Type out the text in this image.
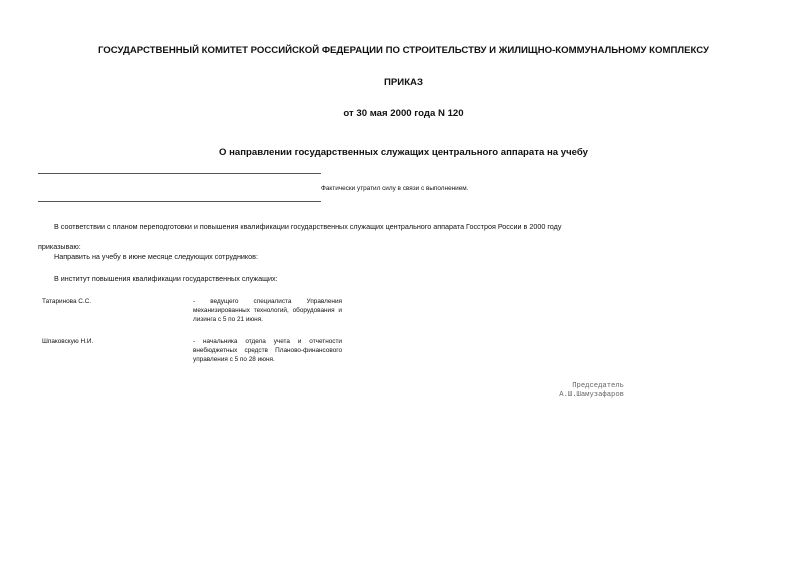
ГОСУДАРСТВЕННЫЙ КОМИТЕТ РОССИЙСКОЙ ФЕДЕРАЦИИ ПО СТРОИТЕЛЬСТВУ И ЖИЛИЩНО-КОММУНАЛЬНОМУ КОМПЛЕКСУ
ПРИКАЗ
от 30 мая 2000 года N 120
О направлении государственных служащих центрального аппарата на учебу
Фактически утратил силу в связи с выполнением.
В соответствии с планом переподготовки и повышения квалификации государственных служащих центрального аппарата Госстроя России в 2000 году
приказываю:
Направить на учебу в июне месяце следующих сотрудников:
В институт повышения квалификации государственных служащих:
Татаринова С.С.	- ведущего специалиста Управления механизированных технологий, оборудования и лизинга с 5 по 21 июня.
Шпаковскую Н.И.	- начальника отдела учета и отчетности внебюджетных средств Планово-финансового управления с 5 по 28 июня.
Председатель
А.Ш.Шамузафаров
